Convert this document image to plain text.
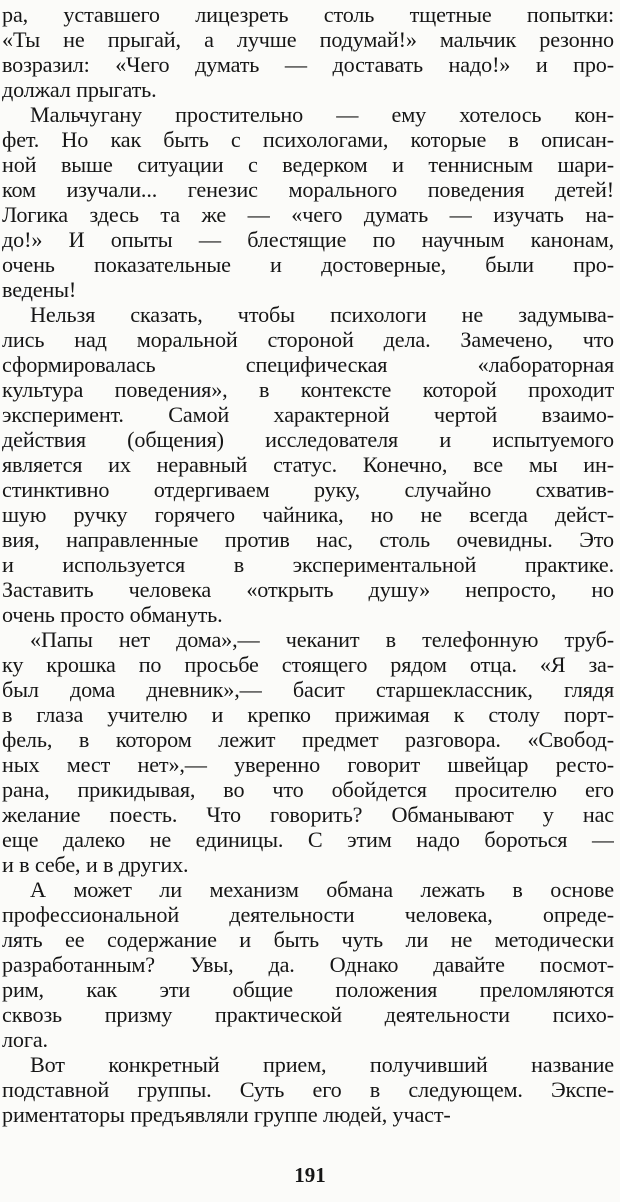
ра, уставшего лицезреть столь тщетные попытки:
«Ты не прыгай, а лучше подумай!» мальчик резонно
возразил: «Чего думать — доставать надо!» и про-
должал прыгать.
Мальчугану простительно — ему хотелось кон-
фет. Но как быть с психологами, которые в описан-
ной выше ситуации с ведерком и теннисным шари-
ком изучали... генезис морального поведения детей!
Логика здесь та же — «чего думать — изучать на-
до!» И опыты — блестящие по научным канонам,
очень показательные и достоверные, были про-
ведены!
Нельзя сказать, чтобы психологи не задумыва-
лись над моральной стороной дела. Замечено, что
сформировалась специфическая «лабораторная
культура поведения», в контексте которой проходит
эксперимент. Самой характерной чертой взаимо-
действия (общения) исследователя и испытуемого
является их неравный статус. Конечно, все мы ин-
стинктивно отдергиваем руку, случайно схватив-
шую ручку горячего чайника, но не всегда дейст-
вия, направленные против нас, столь очевидны. Это
и используется в экспериментальной практике.
Заставить человека «открыть душу» непросто, но
очень просто обмануть.
«Папы нет дома»,— чеканит в телефонную труб-
ку крошка по просьбе стоящего рядом отца. «Я за-
был дома дневник»,— басит старшеклассник, глядя
в глаза учителю и крепко прижимая к столу порт-
фель, в котором лежит предмет разговора. «Свобод-
ных мест нет»,— уверенно говорит швейцар ресто-
рана, прикидывая, во что обойдется просителю его
желание поесть. Что говорить? Обманывают у нас
еще далеко не единицы. С этим надо бороться —
и в себе, и в других.
А может ли механизм обмана лежать в основе
профессиональной деятельности человека, опреде-
лять ее содержание и быть чуть ли не методически
разработанным? Увы, да. Однако давайте посмот-
рим, как эти общие положения преломляются
сквозь призму практической деятельности психо-
лога.
Вот конкретный прием, получивший название
подставной группы. Суть его в следующем. Экспе-
риментаторы предъявляли группе людей, участ-
191
